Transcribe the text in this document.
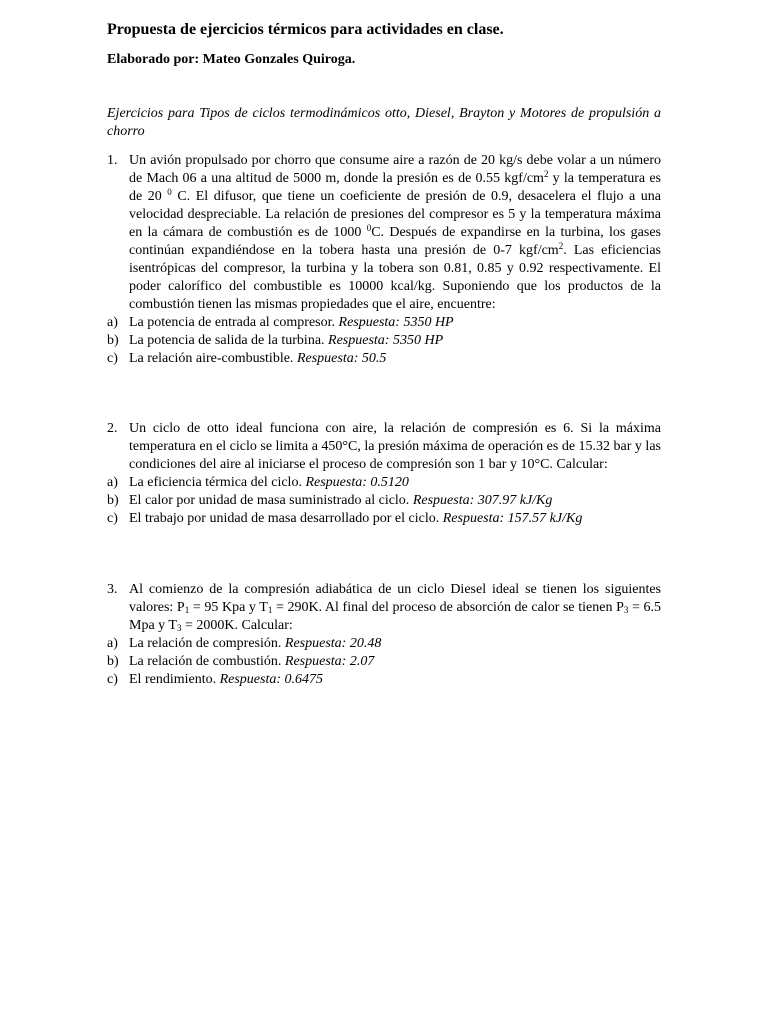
Propuesta de ejercicios térmicos para actividades en clase.
Elaborado por: Mateo Gonzales Quiroga.

Ejercicios para Tipos de ciclos termodinámicos otto, Diesel, Brayton y Motores de propulsión a chorro

1. Un avión propulsado por chorro que consume aire a razón de 20 kg/s debe volar a un número de Mach 06 a una altitud de 5000 m, donde la presión es de 0.55 kgf/$cm^2$ y la temperatura es de 20 $^0$ C. El difusor, que tiene un coeficiente de presión de 0.9, desacelera el flujo a una velocidad despreciable. La relación de presiones del compresor es 5 y la temperatura máxima en la cámara de combustión es de 1000 $^0$C. Después de expandirse en la turbina, los gases continúan expandiéndose en la tobera hasta una presión de 0-7 kgf/$cm^2$. Las eficiencias isentrópicas del compresor, la turbina y la tobera son 0.81, 0.85 y 0.92 respectivamente. El poder calorífico del combustible es 10000 kcal/kg. Suponiendo que los productos de la combustión tienen las mismas propiedades que el aire, encuentre:
a) La potencia de entrada al compresor. Respuesta: 5350 HP
b) La potencia de salida de la turbina. Respuesta: 5350 HP
c) La relación aire-combustible. Respuesta: 50.5
2. Un ciclo de otto ideal funciona con aire, la relación de compresión es 6. Si la máxima temperatura en el ciclo se limita a 450°C, la presión máxima de operación es de 15.32 bar y las condiciones del aire al iniciarse el proceso de compresión son 1 bar y 10°C. Calcular:
a) La eficiencia térmica del ciclo. Respuesta: 0.5120
b) El calor por unidad de masa suministrado al ciclo. Respuesta: 307.97 kJ/Kg
c) El trabajo por unidad de masa desarrollado por el ciclo. Respuesta: 157.57 kJ/Kg
3. Al comienzo de la compresión adiabática de un ciclo Diesel ideal se tienen los siguientes valores: $P_1 = 95$ Kpa y $T_1 = 290K$. Al final del proceso de absorción de calor se tienen $P_3 = 6.5$ Mpa y $T_3 = 2000K$. Calcular:
a) La relación de compresión. Respuesta: 20.48
b) La relación de combustión. Respuesta: 2.07
c) El rendimiento. Respuesta: 0.6475
